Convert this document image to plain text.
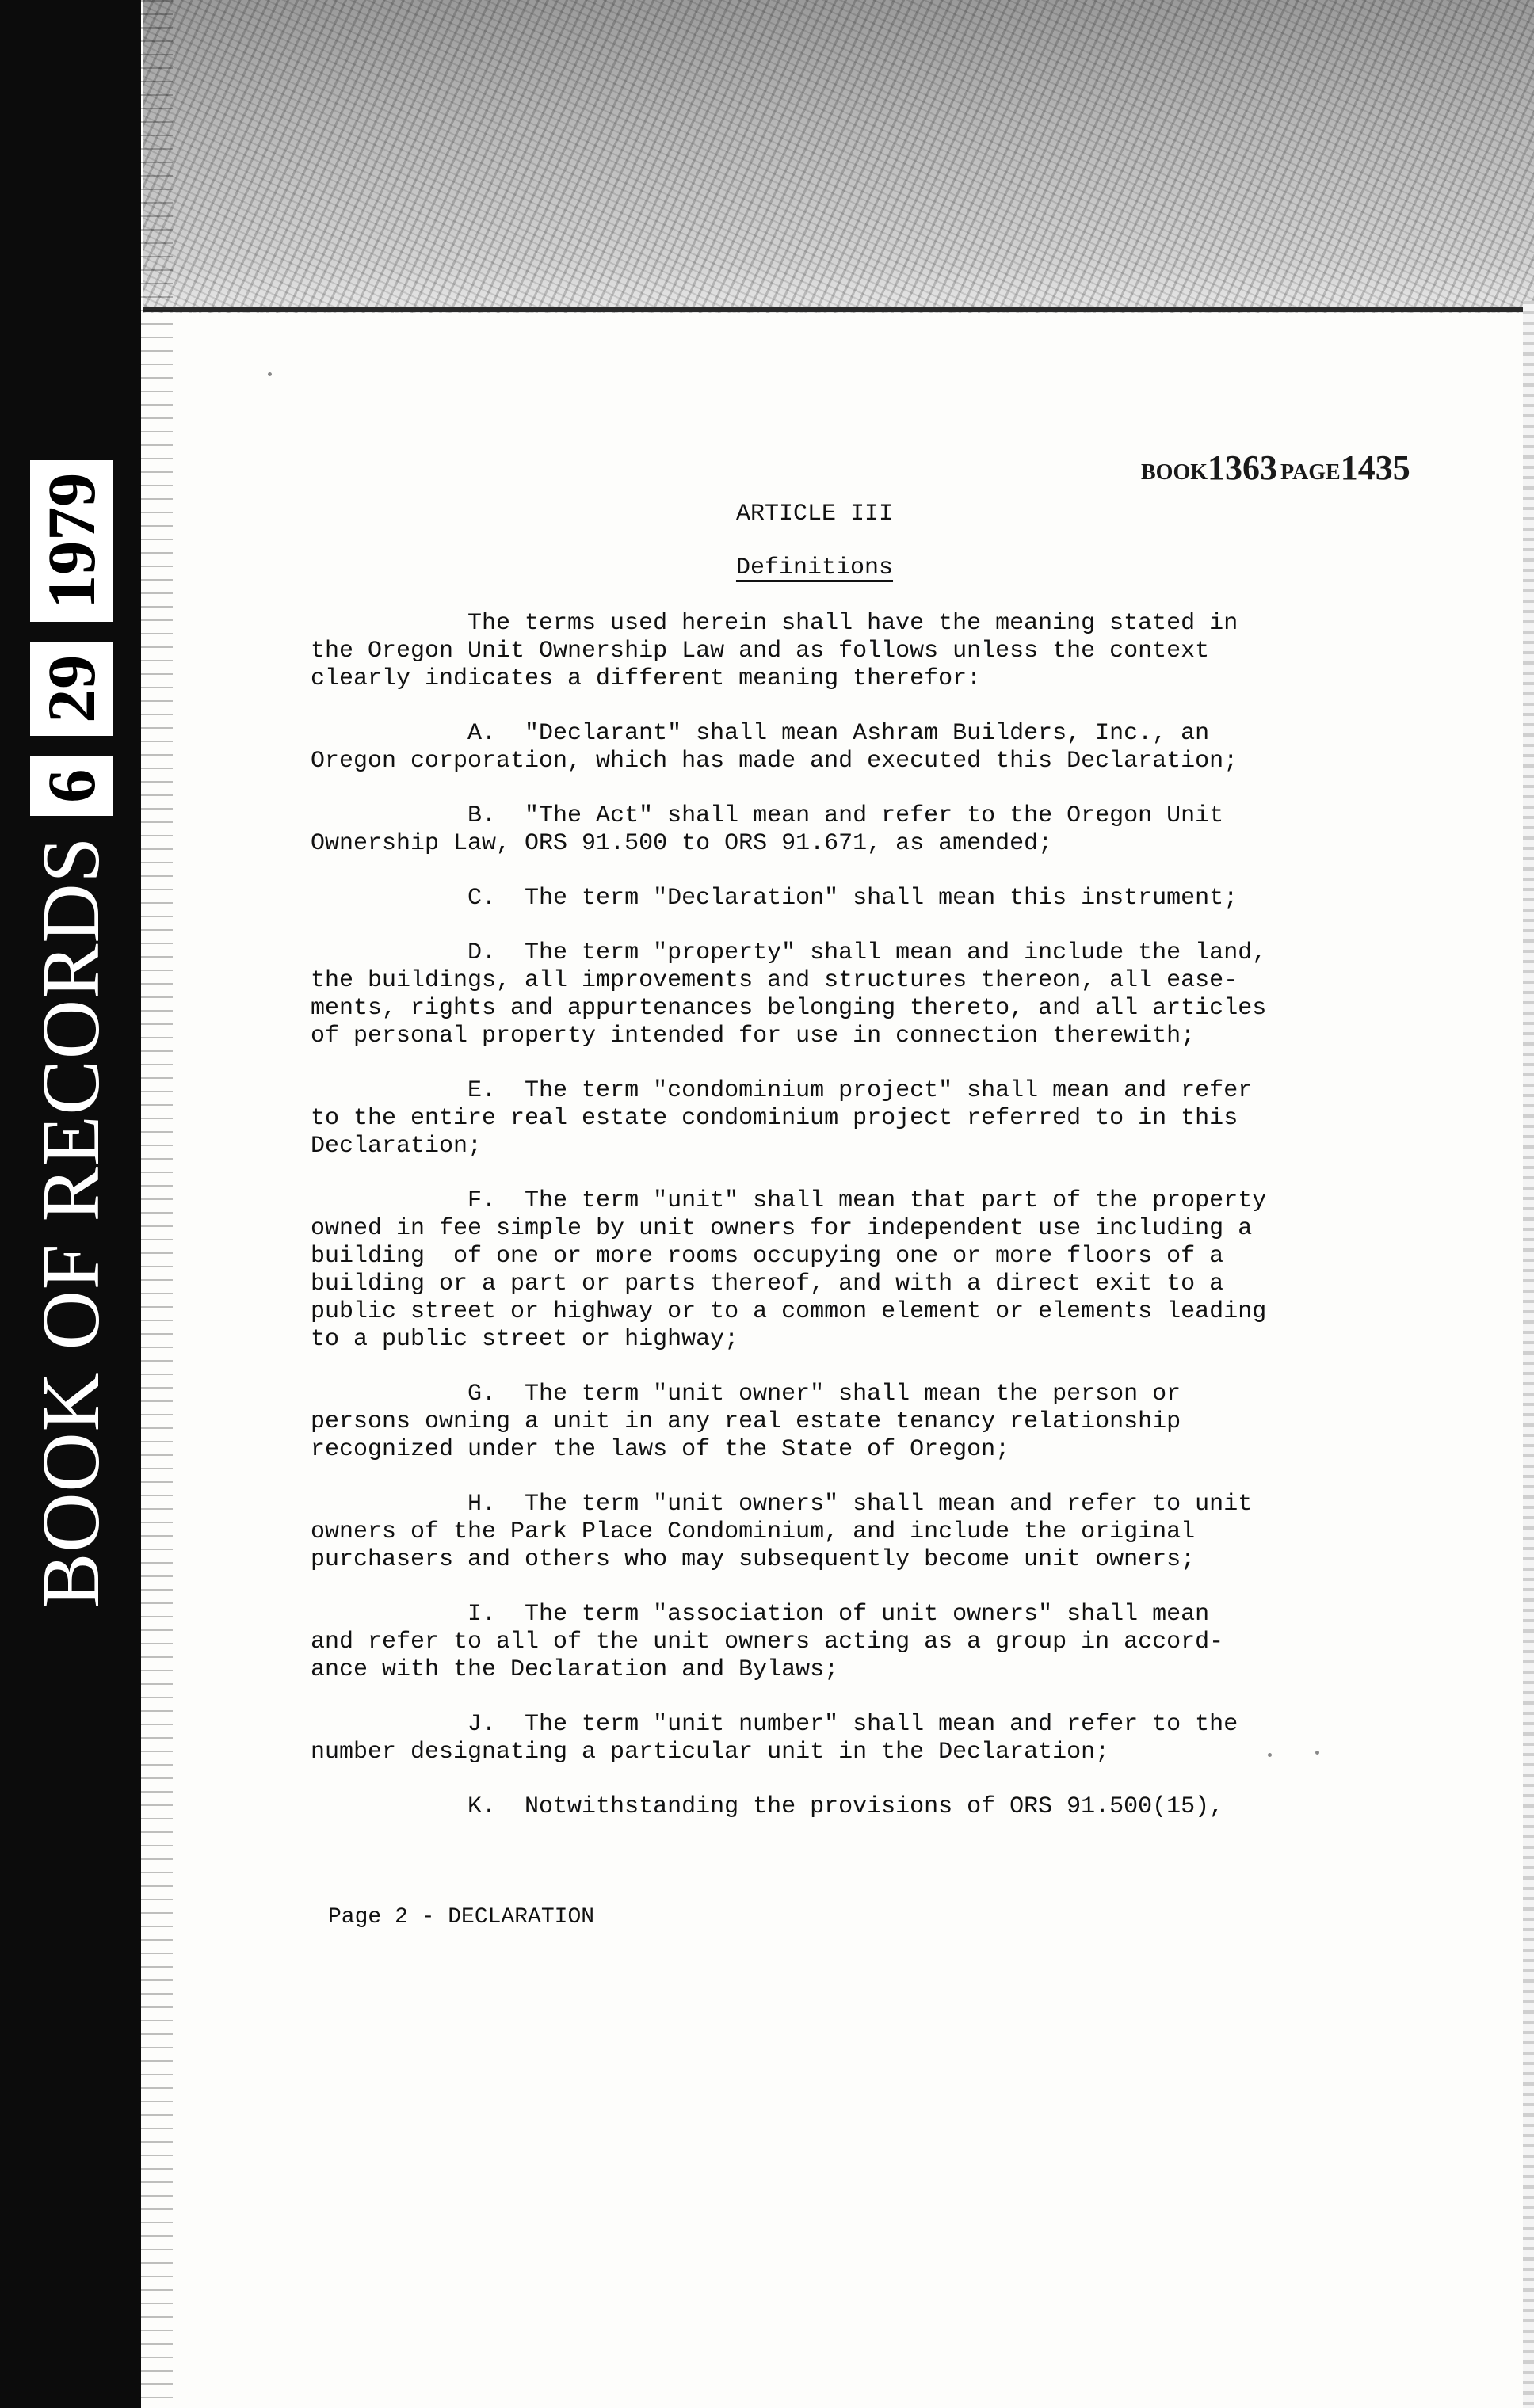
BOOK OF RECORDS
6
29
1979
BOOK1363 PAGE1435
ARTICLE III
Definitions
The terms used herein shall have the meaning stated in
the Oregon Unit Ownership Law and as follows unless the context
clearly indicates a different meaning therefor:
A.  "Declarant" shall mean Ashram Builders, Inc., an
Oregon corporation, which has made and executed this Declaration;
B.  "The Act" shall mean and refer to the Oregon Unit
Ownership Law, ORS 91.500 to ORS 91.671, as amended;
C.  The term "Declaration" shall mean this instrument;
D.  The term "property" shall mean and include the land,
the buildings, all improvements and structures thereon, all ease-
ments, rights and appurtenances belonging thereto, and all articles
of personal property intended for use in connection therewith;
E.  The term "condominium project" shall mean and refer
to the entire real estate condominium project referred to in this
Declaration;
F.  The term "unit" shall mean that part of the property
owned in fee simple by unit owners for independent use including a
building  of one or more rooms occupying one or more floors of a
building or a part or parts thereof, and with a direct exit to a
public street or highway or to a common element or elements leading
to a public street or highway;
G.  The term "unit owner" shall mean the person or
persons owning a unit in any real estate tenancy relationship
recognized under the laws of the State of Oregon;
H.  The term "unit owners" shall mean and refer to unit
owners of the Park Place Condominium, and include the original
purchasers and others who may subsequently become unit owners;
I.  The term "association of unit owners" shall mean
and refer to all of the unit owners acting as a group in accord-
ance with the Declaration and Bylaws;
J.  The term "unit number" shall mean and refer to the
number designating a particular unit in the Declaration;
K.  Notwithstanding the provisions of ORS 91.500(15),
Page 2 - DECLARATION
